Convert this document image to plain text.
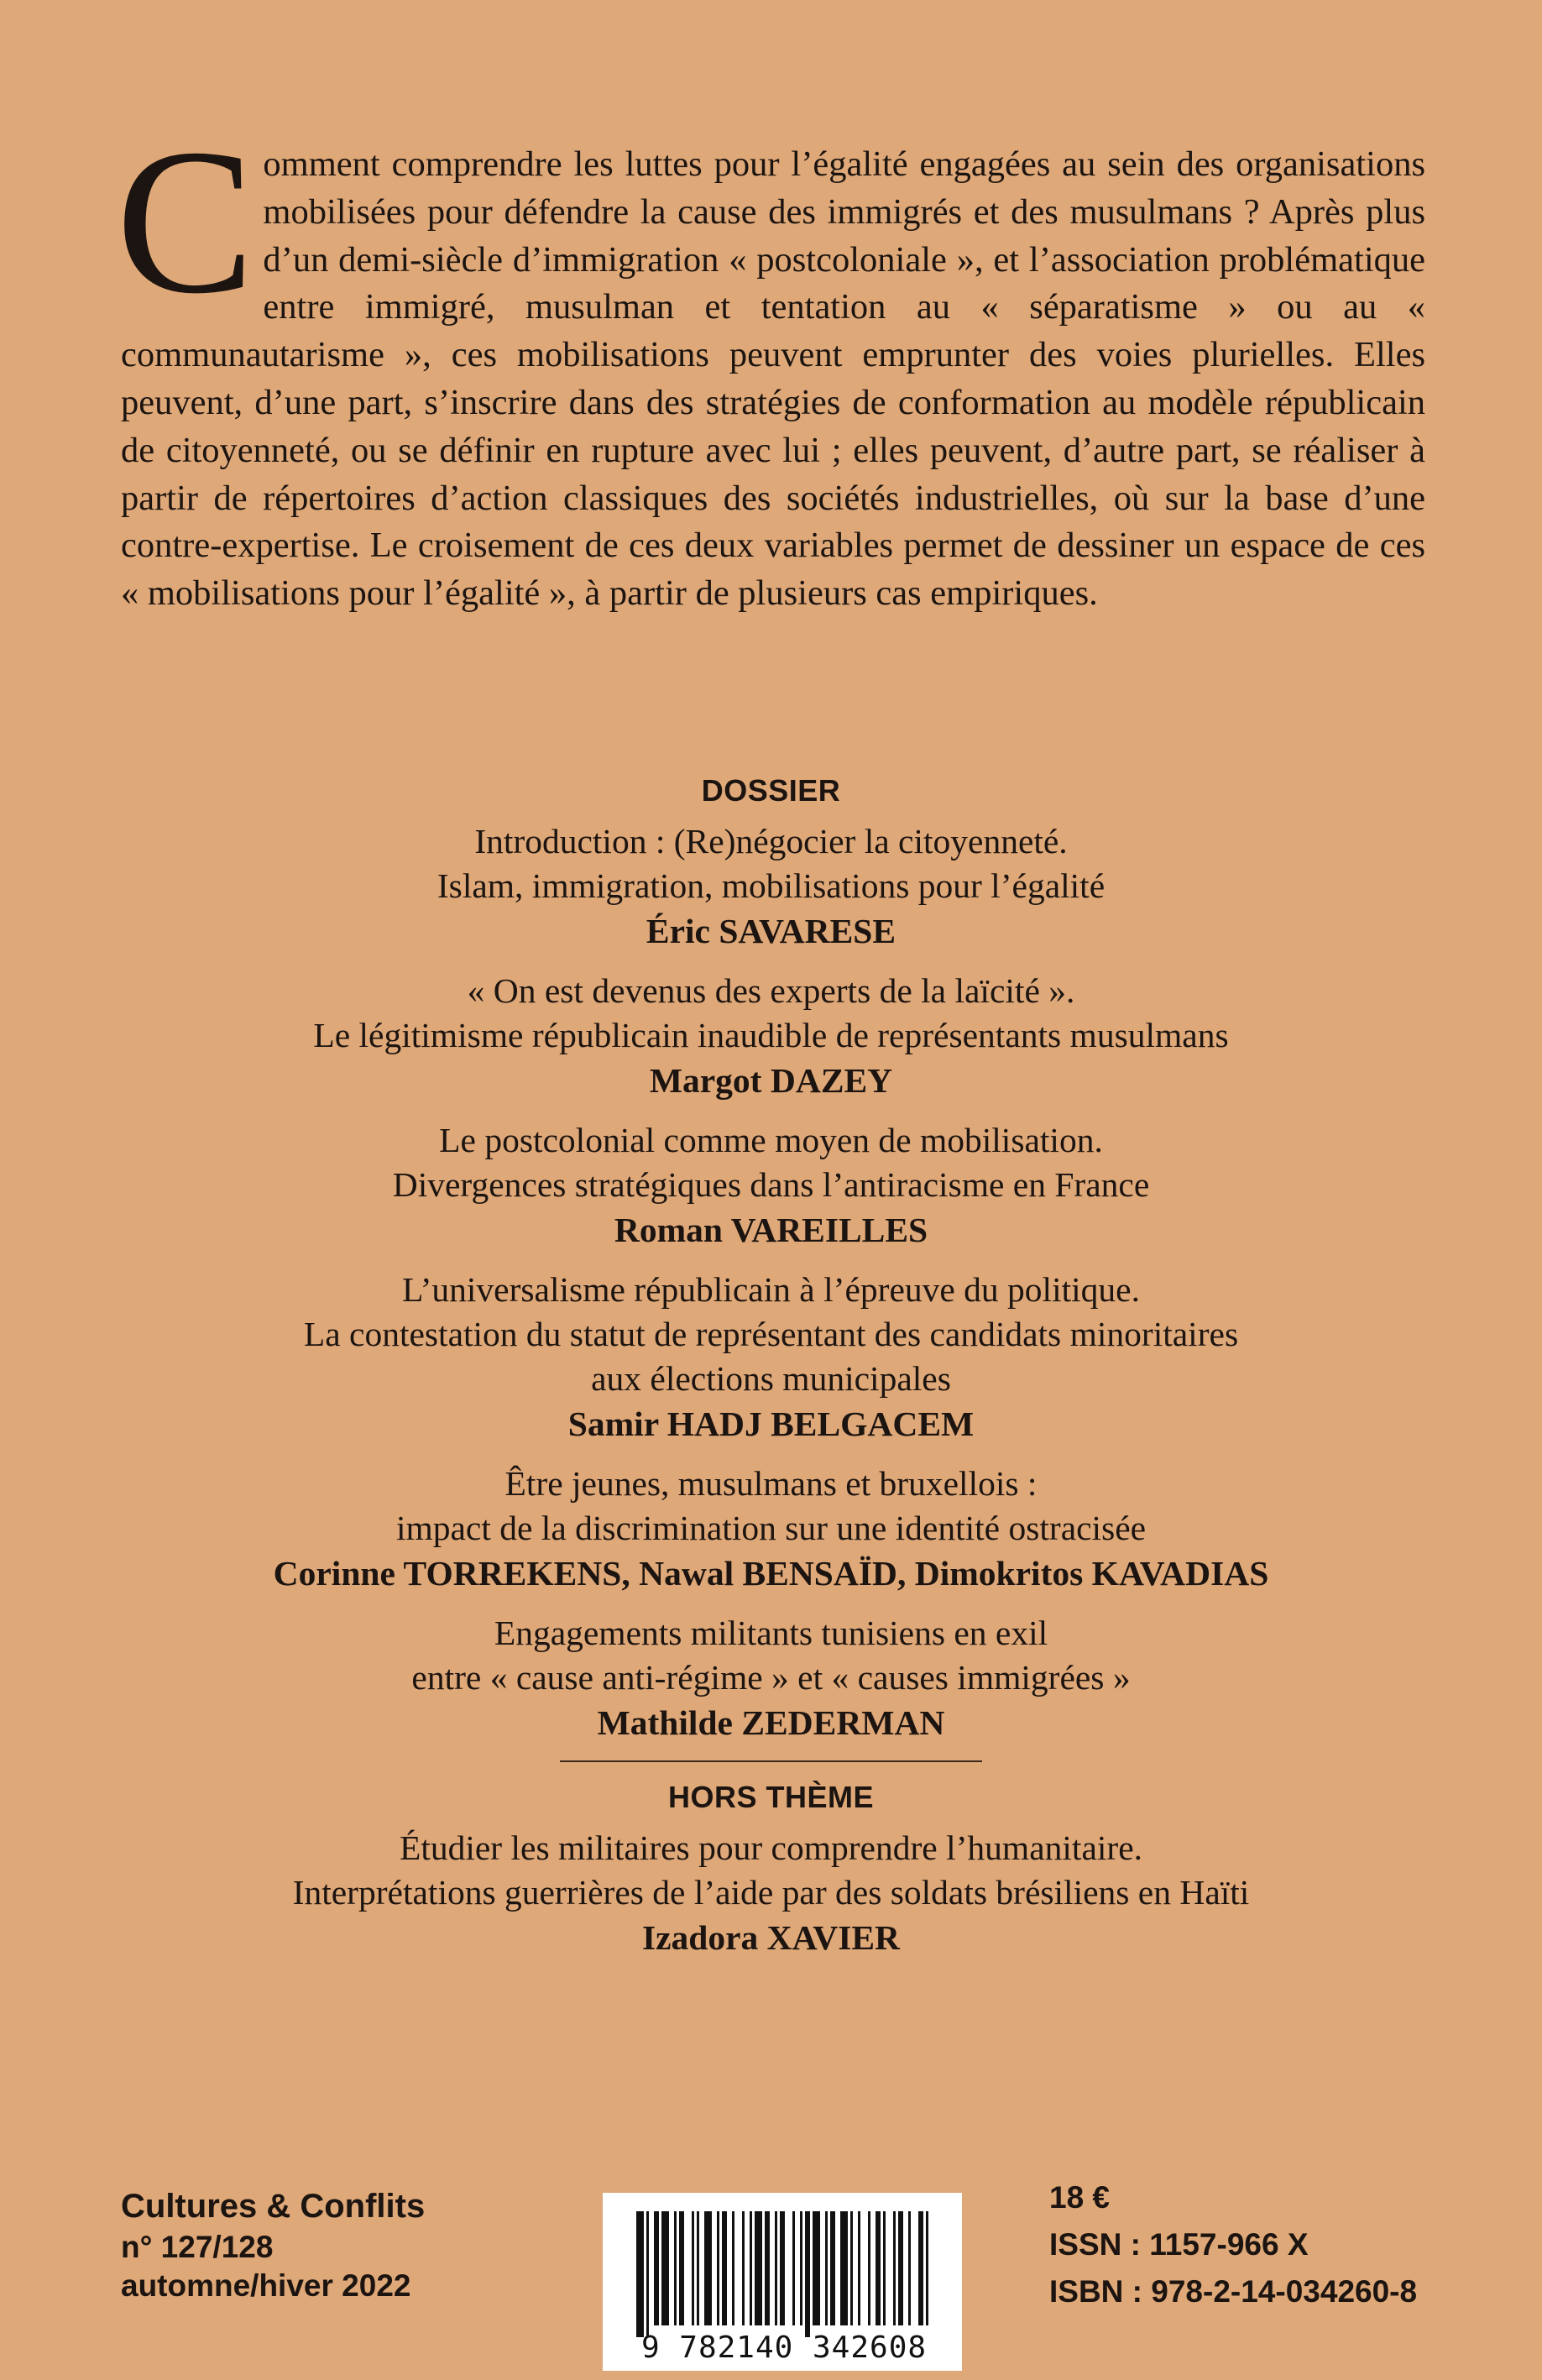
Comment comprendre les luttes pour l’égalité engagées au sein des organisations mobilisées pour défendre la cause des immigrés et des musulmans ? Après plus d’un demi-siècle d’immigration « postcoloniale », et l’association problématique entre immigré, musulman et tentation au « séparatisme » ou au « communautarisme », ces mobilisations peuvent emprunter des voies plurielles. Elles peuvent, d’une part, s’inscrire dans des stratégies de conformation au modèle républicain de citoyenneté, ou se définir en rupture avec lui ; elles peuvent, d’autre part, se réaliser à partir de répertoires d’action classiques des sociétés industrielles, où sur la base d’une contre-expertise. Le croisement de ces deux variables permet de dessiner un espace de ces « mobilisations pour l’égalité », à partir de plusieurs cas empiriques.

DOSSIER
Introduction : (Re)négocier la citoyenneté.
Islam, immigration, mobilisations pour l’égalité
Éric SAVARESE
« On est devenus des experts de la laïcité ».
Le légitimisme républicain inaudible de représentants musulmans
Margot DAZEY
Le postcolonial comme moyen de mobilisation.
Divergences stratégiques dans l’antiracisme en France
Roman VAREILLES
L’universalisme républicain à l’épreuve du politique.
La contestation du statut de représentant des candidats minoritaires
aux élections municipales
Samir HADJ BELGACEM
Être jeunes, musulmans et bruxellois :
impact de la discrimination sur une identité ostracisée
Corinne TORREKENS, Nawal BENSAÏD, Dimokritos KAVADIAS
Engagements militants tunisiens en exil
entre « cause anti-régime » et « causes immigrées »
Mathilde ZEDERMAN
HORS THÈME
Étudier les militaires pour comprendre l’humanitaire.
Interprétations guerrières de l’aide par des soldats brésiliens en Haïti
Izadora XAVIER
Cultures & Conflits
n° 127/128
automne/hiver 2022
9 782140 342608
18 €
ISSN : 1157-966 X
ISBN : 978-2-14-034260-8
